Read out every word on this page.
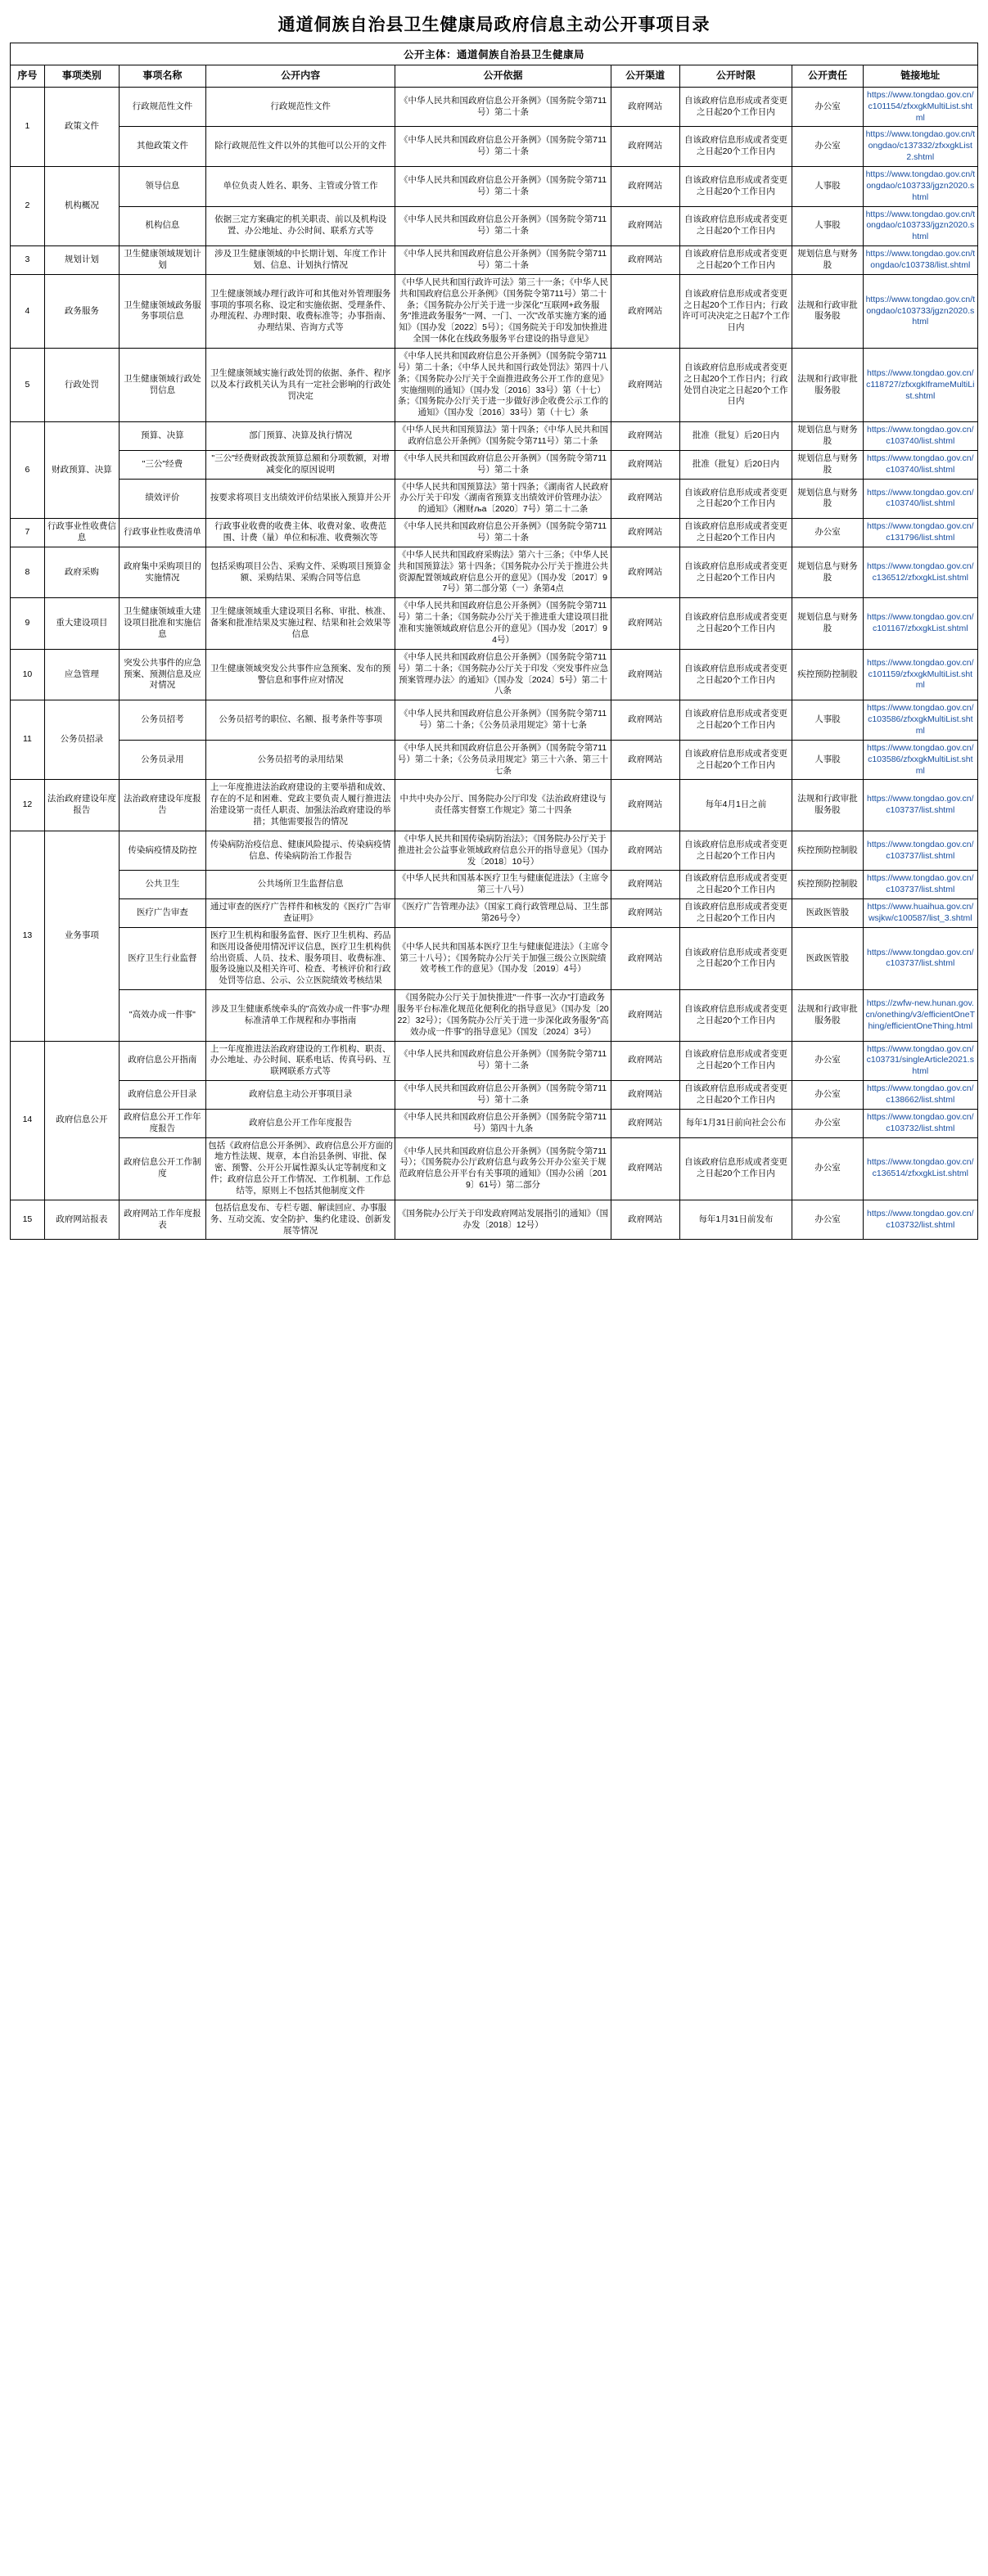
通道侗族自治县卫生健康局政府信息主动公开事项目录
公开主体：通道侗族自治县卫生健康局
序号	事项类别	事项名称	公开内容	公开依据	公开渠道	公开时限	公开责任	链接地址
1	政策文件	行政规范性文件	行政规范性文件	《中华人民共和国政府信息公开条例》（国务院令第711号）第二十条	政府网站	自该政府信息形成或者变更之日起20个工作日内	办公室	https://www.tongdao.gov.cn/c101154/zfxxgkMultiList.shtml
		其他政策文件	除行政规范性文件以外的其他可以公开的文件	《中华人民共和国政府信息公开条例》（国务院令第711号）第二十条	政府网站	自该政府信息形成或者变更之日起20个工作日内	办公室	https://www.tongdao.gov.cn/tongdao/c137332/zfxxgkList2.shtml
2	机构概况	领导信息	单位负责人姓名、职务、主管或分管工作	《中华人民共和国政府信息公开条例》（国务院令第711号）第二十条	政府网站	自该政府信息形成或者变更之日起20个工作日内	人事股	https://www.tongdao.gov.cn/tongdao/c103733/jgzn2020.shtml
		机构信息	依据三定方案确定的机关职责、前以及机构设置、办公地址、办公时间、联系方式等	《中华人民共和国政府信息公开条例》（国务院令第711号）第二十条	政府网站	自该政府信息形成或者变更之日起20个工作日内	人事股	https://www.tongdao.gov.cn/tongdao/c103733/jgzn2020.shtml
3	规划计划	卫生健康领域规划计划	涉及卫生健康领域的中长期计划、年度工作计划、信息、计划执行情况	《中华人民共和国政府信息公开条例》（国务院令第711号）第二十条	政府网站	自该政府信息形成或者变更之日起20个工作日内	规划信息与财务股	https://www.tongdao.gov.cn/tongdao/c103738/list.shtml
4	政务服务	卫生健康领域政务服务事项信息	卫生健康领域办理行政许可和其他对外管理服务事项的事项名称、设定和实施依据、受理条件、办理流程、办理时限、收费标准等；办事指南、办理结果、咨询方式等	《中华人民共和国行政许可法》第三十一条；《中华人民共和国政府信息公开条例》（国务院令第711号）第二十条；《国务院办公厅关于进一步深化"互联网+政务服务"推进政务服务"一网、一门、一次"改革实施方案的通知》（国办发〔2022〕5号）；《国务院关于印发加快推进全国一体化在线政务服务平台建设的指导意见》	政府网站	自该政府信息形成或者变更之日起20个工作日内；行政许可可决决定之日起7个工作日内	法规和行政审批服务股	https://www.tongdao.gov.cn/tongdao/c103733/jgzn2020.shtml
5	行政处罚	卫生健康领域行政处罚信息	卫生健康领域实施行政处罚的依据、条件、程序以及本行政机关认为具有一定社会影响的行政处罚决定	《中华人民共和国政府信息公开条例》（国务院令第711号）第二十条；《中华人民共和国行政处罚法》第四十八条；《国务院办公厅关于全面推进政务公开工作的意见》实施细则的通知》（国办发〔2016〕33号）第（十七）条；《国务院办公厅关于进一步做好涉企收费公示工作的通知》（国办发〔2016〕33号）第（十七）条	政府网站	自该政府信息形成或者变更之日起20个工作日内；行政处罚自决定之日起20个工作日内	法规和行政审批服务股	https://www.tongdao.gov.cn/c118727/zfxxgkIframeMultiList.shtml
6	财政预算、决算	预算、决算	部门预算、决算及执行情况	《中华人民共和国预算法》第十四条；《中华人民共和国政府信息公开条例》（国务院令第711号）第二十条	政府网站	批准（批复）后20日内	规划信息与财务股	https://www.tongdao.gov.cn/c103740/list.shtml
		"三公"经费	"三公"经费财政拨款预算总额和分项数额，对增减变化的原因说明	《中华人民共和国政府信息公开条例》（国务院令第711号）第二十条	政府网站	批准（批复）后20日内	规划信息与财务股	https://www.tongdao.gov.cn/c103740/list.shtml
		绩效评价	按要求将项目支出绩效评价结果嵌入预算并公开	《中华人民共和国预算法》第十四条；《湖南省人民政府办公厅关于印发〈湖南省预算支出绩效评价管理办法〉的通知》（湘财ља〔2020〕7号）第二十二条	政府网站	自该政府信息形成或者变更之日起20个工作日内	规划信息与财务股	https://www.tongdao.gov.cn/c103740/list.shtml
7	行政事业性收费信息	行政事业性收费清单	行政事业收费的收费主体、收费对象、收费范围、计费（量）单位和标准、收费频次等	《中华人民共和国政府信息公开条例》（国务院令第711号）第二十条	政府网站	自该政府信息形成或者变更之日起20个工作日内	办公室	https://www.tongdao.gov.cn/c131796/list.shtml
8	政府采购	政府集中采购项目的实施情况	包括采购项目公告、采购文件、采购项目预算金额、采购结果、采购合同等信息	《中华人民共和国政府采购法》第六十三条；《中华人民共和国预算法》第十四条；《国务院办公厅关于推进公共资源配置领域政府信息公开的意见》（国办发〔2017〕97号）第二部分第（一）条第4点	政府网站	自该政府信息形成或者变更之日起20个工作日内	规划信息与财务股	https://www.tongdao.gov.cn/c136512/zfxxgkList.shtml
9	重大建设项目	卫生健康领域重大建设项目批准和实施信息	卫生健康领域重大建设项目名称、审批、核准、备案和批准结果及实施过程、结果和社会效果等信息	《中华人民共和国政府信息公开条例》（国务院令第711号）第二十条；《国务院办公厅关于推进重大建设项目批准和实施领域政府信息公开的意见》（国办发〔2017〕94号）	政府网站	自该政府信息形成或者变更之日起20个工作日内	规划信息与财务股	https://www.tongdao.gov.cn/c101167/zfxxgkList.shtml
10	应急管理	突发公共事件的应急预案、预测信息及应对情况	卫生健康领域突发公共事件应急预案、发布的预警信息和事件应对情况	《中华人民共和国政府信息公开条例》（国务院令第711号）第二十条；《国务院办公厅关于印发〈突发事件应急预案管理办法〉的通知》（国办发〔2024〕5号）第二十八条	政府网站	自该政府信息形成或者变更之日起20个工作日内	疾控预防控制股	https://www.tongdao.gov.cn/c101159/zfxxgkMultiList.shtml
11	公务员招录	公务员招考	公务员招考的职位、名额、报考条件等事项	《中华人民共和国政府信息公开条例》（国务院令第711号）第二十条；《公务员录用规定》第十七条	政府网站	自该政府信息形成或者变更之日起20个工作日内	人事股	https://www.tongdao.gov.cn/c103586/zfxxgkMultiList.shtml
		公务员录用	公务员招考的录用结果	《中华人民共和国政府信息公开条例》（国务院令第711号）第二十条；《公务员录用规定》第三十六条、第三十七条	政府网站	自该政府信息形成或者变更之日起20个工作日内	人事股	https://www.tongdao.gov.cn/c103586/zfxxgkMultiList.shtml
12	法治政府建设年度报告	法治政府建设年度报告	上一年度推进法治政府建设的主要举措和成效、存在的不足和困难、党政主要负责人履行推进法治建设第一责任人职责、加强法治政府建设的举措；其他需要报告的情况	中共中央办公厅、国务院办公厅印发《法治政府建设与责任落实督察工作规定》第二十四条	政府网站	每年4月1日之前	法规和行政审批服务股	https://www.tongdao.gov.cn/c103737/list.shtml
13	业务事项	传染病疫情及防控	传染病防治疫信息、健康风险提示、传染病疫情信息、传染病防治工作报告	《中华人民共和国传染病防治法》；《国务院办公厅关于推进社会公益事业领域政府信息公开的指导意见》（国办发〔2018〕10号）	政府网站	自该政府信息形成或者变更之日起20个工作日内	疾控预防控制股	https://www.tongdao.gov.cn/c103737/list.shtml
		公共卫生	公共场所卫生监督信息	《中华人民共和国基本医疗卫生与健康促进法》（主席令第三十八号）	政府网站	自该政府信息形成或者变更之日起20个工作日内	疾控预防控制股	https://www.tongdao.gov.cn/c103737/list.shtml
		医疗广告审查	通过审查的医疗广告样件和核发的《医疗广告审查证明》	《医疗广告管理办法》（国家工商行政管理总局、卫生部第26号令）	政府网站	自该政府信息形成或者变更之日起20个工作日内	医政医管股	https://www.huaihua.gov.cn/wsjkw/c100587/list_3.shtml
		医疗卫生行业监督	医疗卫生机构和服务监督、医疗卫生机构、药品和医用设备使用情况评议信息，医疗卫生机构供给出资质、人员、技术、服务项目、收费标准、服务设施以及相关许可、检查、考核评价和行政处罚等信息、公示、公立医院绩效考核结果	《中华人民共和国基本医疗卫生与健康促进法》（主席令第三十八号）；《国务院办公厅关于加强三级公立医院绩效考核工作的意见》（国办发〔2019〕4号）	政府网站	自该政府信息形成或者变更之日起20个工作日内	医政医管股	https://www.tongdao.gov.cn/c103737/list.shtml
		"高效办成一件事"	涉及卫生健康系统牵头的"高效办成一件事"办理标准清单工作规程和办事指南	《国务院办公厅关于加快推进"一件事一次办"打造政务服务平台标准化规范化便利化的指导意见》（国办发〔2022〕32号）；《国务院办公厅关于进一步深化政务服务"高效办成一件事"的指导意见》（国发〔2024〕3号）	政府网站	自该政府信息形成或者变更之日起20个工作日内	法规和行政审批服务股	https://zwfw-new.hunan.gov.cn/onething/v3/efficientOneThing/efficientOneThing.html
14	政府信息公开	政府信息公开指南	上一年度推进法治政府建设的工作机构、职责、办公地址、办公时间、联系电话、传真号码、互联网联系方式等	《中华人民共和国政府信息公开条例》（国务院令第711号）第十二条	政府网站	自该政府信息形成或者变更之日起20个工作日内	办公室	https://www.tongdao.gov.cn/c103731/singleArticle2021.shtml
		政府信息公开目录	政府信息主动公开事项目录	《中华人民共和国政府信息公开条例》（国务院令第711号）第十二条	政府网站	自该政府信息形成或者变更之日起20个工作日内	办公室	https://www.tongdao.gov.cn/c138662/list.shtml
		政府信息公开工作年度报告	政府信息公开工作年度报告	《中华人民共和国政府信息公开条例》（国务院令第711号）第四十九条	政府网站	每年1月31日前向社会公布	办公室	https://www.tongdao.gov.cn/c103732/list.shtml
		政府信息公开工作制度	包括《政府信息公开条例》、政府信息公开方面的地方性法规、规章，本自治县条例、审批、保密、预警、公开公开属性源头认定等制度和文件；政府信息公开工作情况、工作机制、工作总结等，原则上不包括其他制度文件	《中华人民共和国政府信息公开条例》（国务院令第711号）；《国务院办公厅政府信息与政务公开办公室关于规范政府信息公开平台有关事项的通知》（国办公函〔2019〕61号）第二部分	政府网站	自该政府信息形成或者变更之日起20个工作日内	办公室	https://www.tongdao.gov.cn/c136514/zfxxgkList.shtml
15	政府网站报表	政府网站工作年度报表	包括信息发布、专栏专题、解读回应、办事服务、互动交流、安全防护、集约化建设、创新发展等情况	《国务院办公厅关于印发政府网站发展指引的通知》（国办发〔2018〕12号）	政府网站	每年1月31日前发布	办公室	https://www.tongdao.gov.cn/c103732/list.shtml
